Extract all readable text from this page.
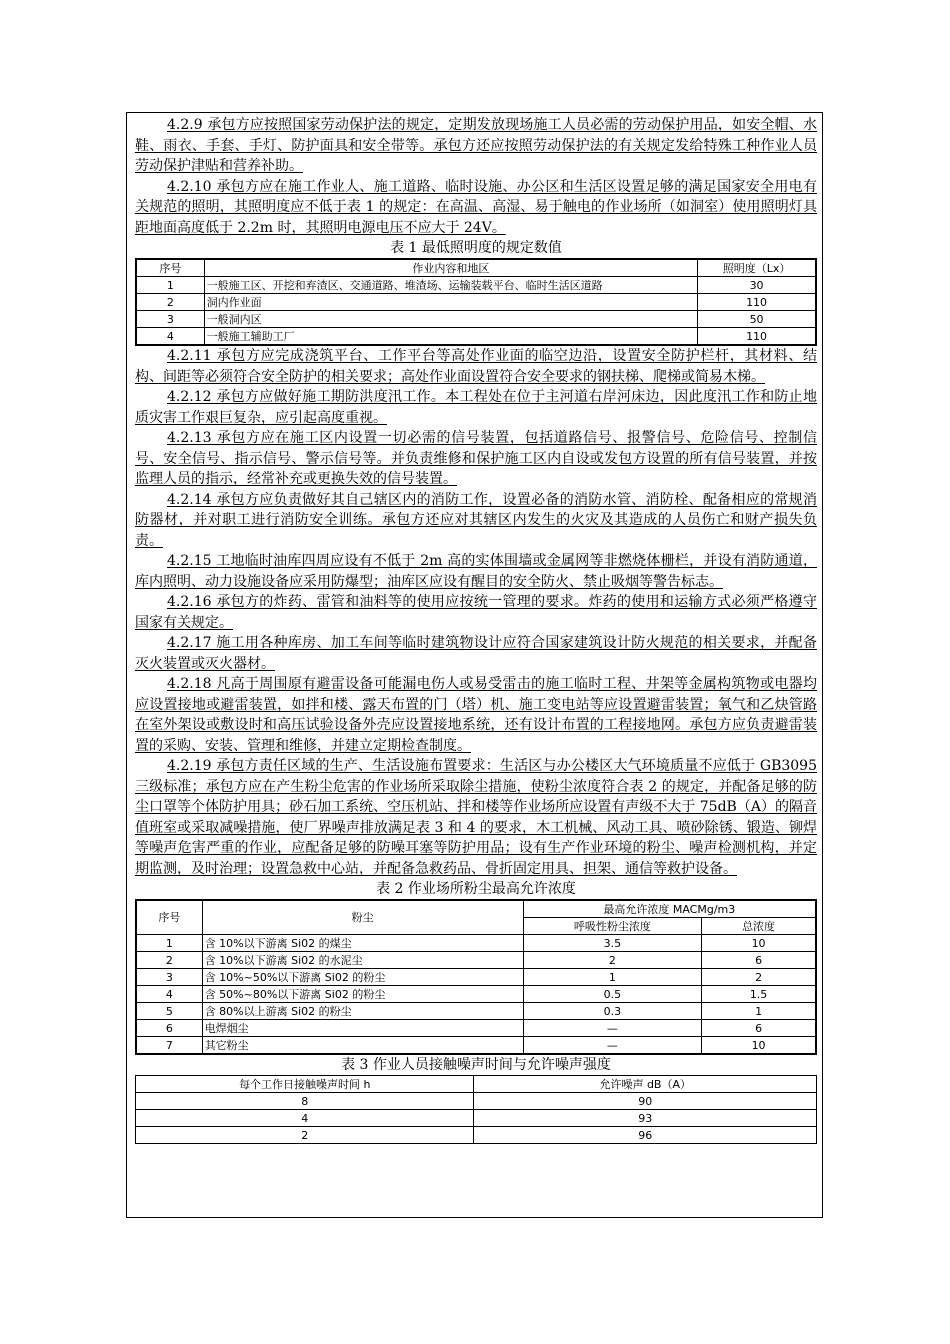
4.2.9 承包方应按照国家劳动保护法的规定，定期发放现场施工人员必需的劳动保护用品，如安全帽、水鞋、雨衣、手套、手灯、防护面具和安全带等。承包方还应按照劳动保护法的有关规定发给特殊工种作业人员劳动保护津贴和营养补助。

4.2.10 承包方应在施工作业人、施工道路、临时设施、办公区和生活区设置足够的满足国家安全用电有关规范的照明，其照明度应不低于表 1 的规定：在高温、高湿、易于触电的作业场所（如洞室）使用照明灯具距地面高度低于 2.2m 时，其照明电源电压不应大于 24V。

表 1 最低照明度的规定数值

序号	作业内容和地区	照明度（Lx）
1	一般施工区、开挖和弃渣区、交通道路、堆渣场、运输装载平台、临时生活区道路	30
2	洞内作业面	110
3	一般洞内区	50
4	一般施工辅助工厂	110

4.2.11 承包方应完成浇筑平台、工作平台等高处作业面的临空边沿，设置安全防护栏杆，其材料、结构、间距等必须符合安全防护的相关要求；高处作业面设置符合安全要求的钢扶梯、爬梯或简易木梯。

4.2.12 承包方应做好施工期防洪度汛工作。本工程处在位于主河道右岸河床边，因此度汛工作和防止地质灾害工作艰巨复杂，应引起高度重视。

4.2.13 承包方应在施工区内设置一切必需的信号装置，包括道路信号、报警信号、危险信号、控制信号、安全信号、指示信号、警示信号等。并负责维修和保护施工区内自设或发包方设置的所有信号装置，并按监理人员的指示，经常补充或更换失效的信号装置。

4.2.14 承包方应负责做好其自己辖区内的消防工作，设置必备的消防水管、消防栓、配备相应的常规消防器材，并对职工进行消防安全训练。承包方还应对其辖区内发生的火灾及其造成的人员伤亡和财产损失负责。

4.2.15 工地临时油库四周应设有不低于 2m 高的实体围墙或金属网等非燃烧体栅栏，并设有消防通道，库内照明、动力设施设备应采用防爆型；油库区应设有醒目的安全防火、禁止吸烟等警告标志。

4.2.16 承包方的炸药、雷管和油料等的使用应按统一管理的要求。炸药的使用和运输方式必须严格遵守国家有关规定。

4.2.17 施工用各种库房、加工车间等临时建筑物设计应符合国家建筑设计防火规范的相关要求，并配备灭火装置或灭火器材。

4.2.18 凡高于周围原有避雷设备可能漏电伤人或易受雷击的施工临时工程、井架等金属构筑物或电器均应设置接地或避雷装置，如拌和楼、露天布置的门（塔）机、施工变电站等应设置避雷装置；氧气和乙炔管路在室外架设或敷设时和高压试验设备外壳应设置接地系统，还有设计布置的工程接地网。承包方应负责避雷装置的采购、安装、管理和维修，并建立定期检查制度。

4.2.19 承包方责任区域的生产、生活设施布置要求：生活区与办公楼区大气环境质量不应低于 GB3095 三级标准；承包方应在产生粉尘危害的作业场所采取除尘措施，使粉尘浓度符合表 2 的规定，并配备足够的防尘口罩等个体防护用具；砂石加工系统、空压机站、拌和楼等作业场所应设置有声级不大于 75dB（A）的隔音值班室或采取减噪措施，使厂界噪声排放满足表 3 和 4 的要求，木工机械、风动工具、喷砂除锈、锻造、铆焊等噪声危害严重的作业，应配备足够的防噪耳塞等防护用品；设有生产作业环境的粉尘、噪声检测机构，并定期监测，及时治理；设置急救中心站，并配备急救药品、骨折固定用具、担架、通信等救护设备。

表 2 作业场所粉尘最高允许浓度

序号	粉尘	最高允许浓度 MACMg/m3	
		呼吸性粉尘浓度	总浓度
1	含 10%以下游离 Si02 的煤尘	3.5	10
2	含 10%以下游离 Si02 的水泥尘	2	6
3	含 10%~50%以下游离 Si02 的粉尘	1	2
4	含 50%~80%以下游离 Si02 的粉尘	0.5	1.5
5	含 80%以上游离 Si02 的粉尘	0.3	1
6	电焊烟尘	—	6
7	其它粉尘	—	10

表 3 作业人员接触噪声时间与允许噪声强度

每个工作日接触噪声时间 h	允许噪声 dB（A）
8	90
4	93
2	96
